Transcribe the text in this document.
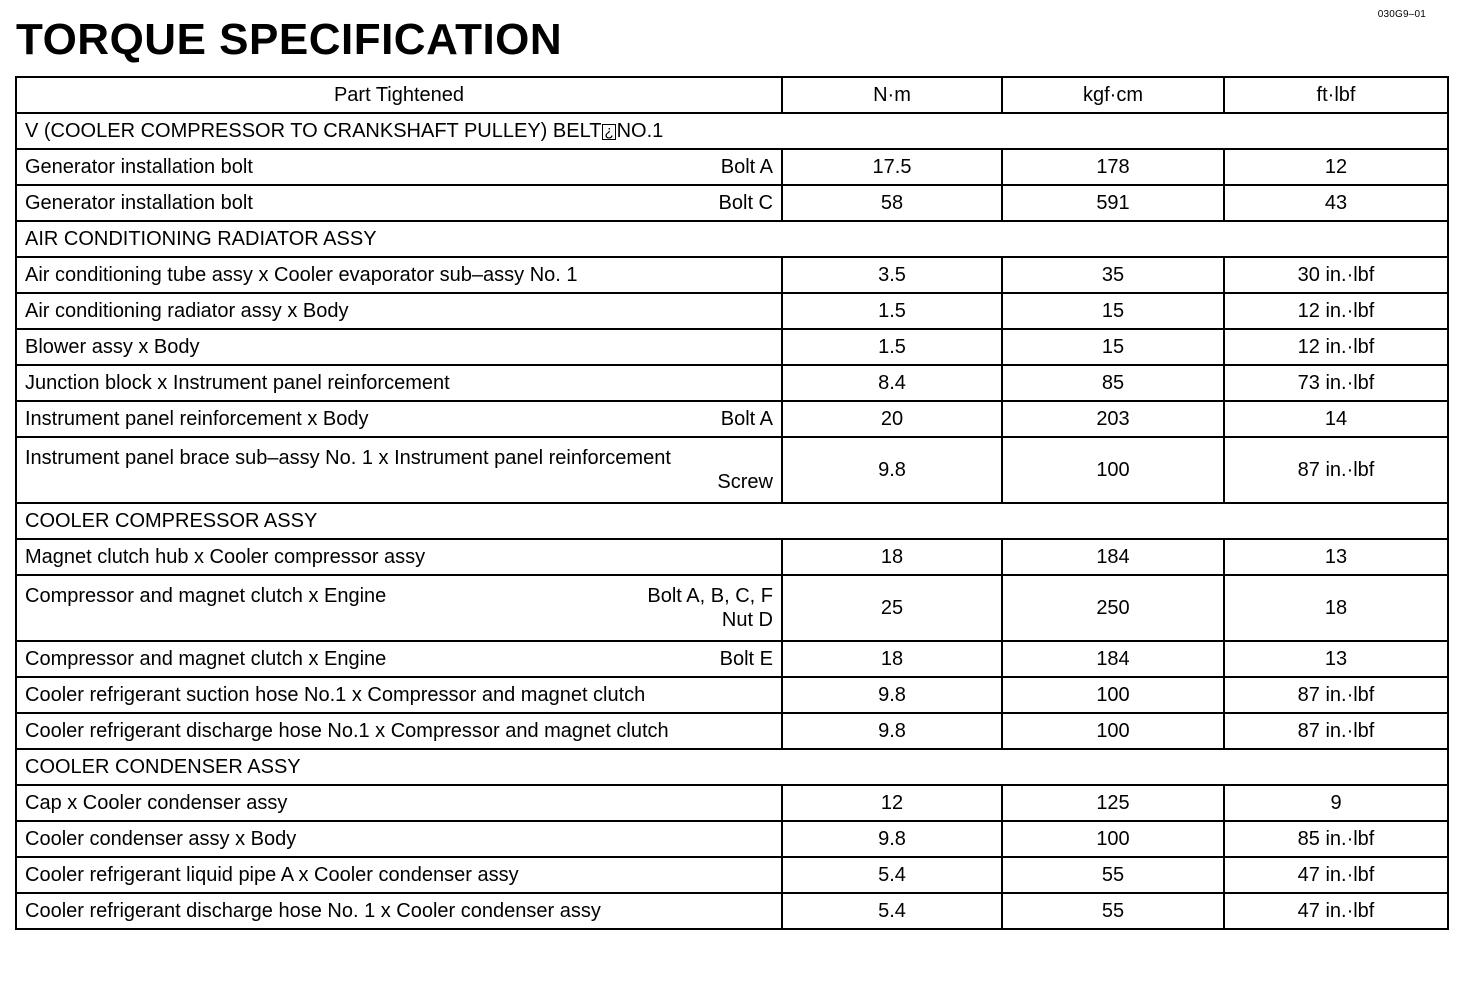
030G9–01
TORQUE SPECIFICATION
Part Tightened	N·m	kgf·cm	ft·lbf
V (COOLER COMPRESSOR TO CRANKSHAFT PULLEY) BELT ¿ NO.1			

Generator installation bolt Bolt A	17.5	178	12

Generator installation bolt Bolt C	58	591	43
AIR CONDITIONING RADIATOR ASSY			

Air conditioning tube assy x Cooler evaporator sub–assy No. 1	3.5	35	30 in.·lbf

Air conditioning radiator assy x Body	1.5	15	12 in.·lbf

Blower assy x Body	1.5	15	12 in.·lbf

Junction block x Instrument panel reinforcement	8.4	85	73 in.·lbf

Instrument panel reinforcement x Body Bolt A	20	203	14

Instrument panel brace sub–assy No. 1 x Instrument panel reinforcement
Screw	9.8	100	87 in.·lbf
COOLER COMPRESSOR ASSY			

Magnet clutch hub x Cooler compressor assy	18	184	13

Compressor and magnet clutch x Engine Bolt A, B, C, F
Nut D	25	250	18

Compressor and magnet clutch x Engine Bolt E	18	184	13

Cooler refrigerant suction hose No.1 x Compressor and magnet clutch	9.8	100	87 in.·lbf

Cooler refrigerant discharge hose No.1 x Compressor and magnet clutch	9.8	100	87 in.·lbf
COOLER CONDENSER ASSY			

Cap x Cooler condenser assy	12	125	9

Cooler condenser assy x Body	9.8	100	85 in.·lbf

Cooler refrigerant liquid pipe A x Cooler condenser assy	5.4	55	47 in.·lbf

Cooler refrigerant discharge hose No. 1 x Cooler condenser assy	5.4	55	47 in.·lbf
